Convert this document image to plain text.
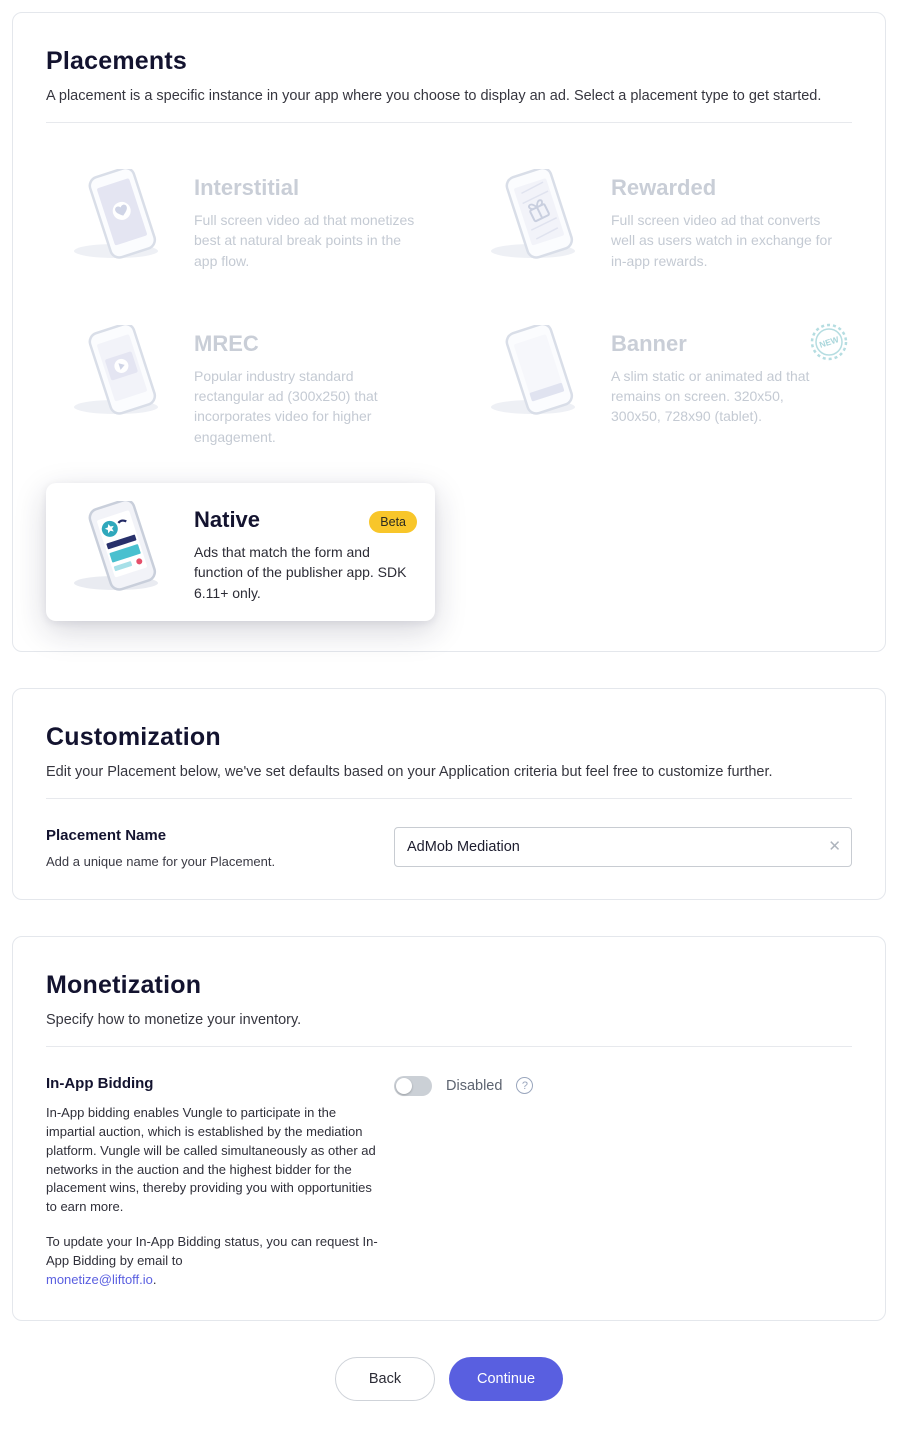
Placements

A placement is a specific instance in your app where you choose to display an ad. Select a placement type to get started.

Interstitial
Full screen video ad that monetizes best at natural break points in the app flow.
Rewarded
Full screen video ad that converts well as users watch in exchange for in-app rewards.
MREC
Popular industry standard rectangular ad (300x250) that incorporates video for higher engagement.
Banner
A slim static or animated ad that remains on screen. 320x50, 300x50, 728x90 (tablet).
NEW
Native	Beta
Ads that match the form and function of the publisher app. SDK 6.11+ only.
Customization

Edit your Placement below, we've set defaults based on your Application criteria but feel free to customize further.

Placement Name
Add a unique name for your Placement.
AdMob Mediation
✕
Monetization

Specify how to monetize your inventory.

In-App Bidding

In-App bidding enables Vungle to participate in the impartial auction, which is established by the mediation platform. Vungle will be called simultaneously as other ad networks in the auction and the highest bidder for the placement wins, thereby providing you with opportunities to earn more.

To update your In-App Bidding status, you can request In-App Bidding by email to
monetize@liftoff.io.

Disabled	?
Back	Continue
